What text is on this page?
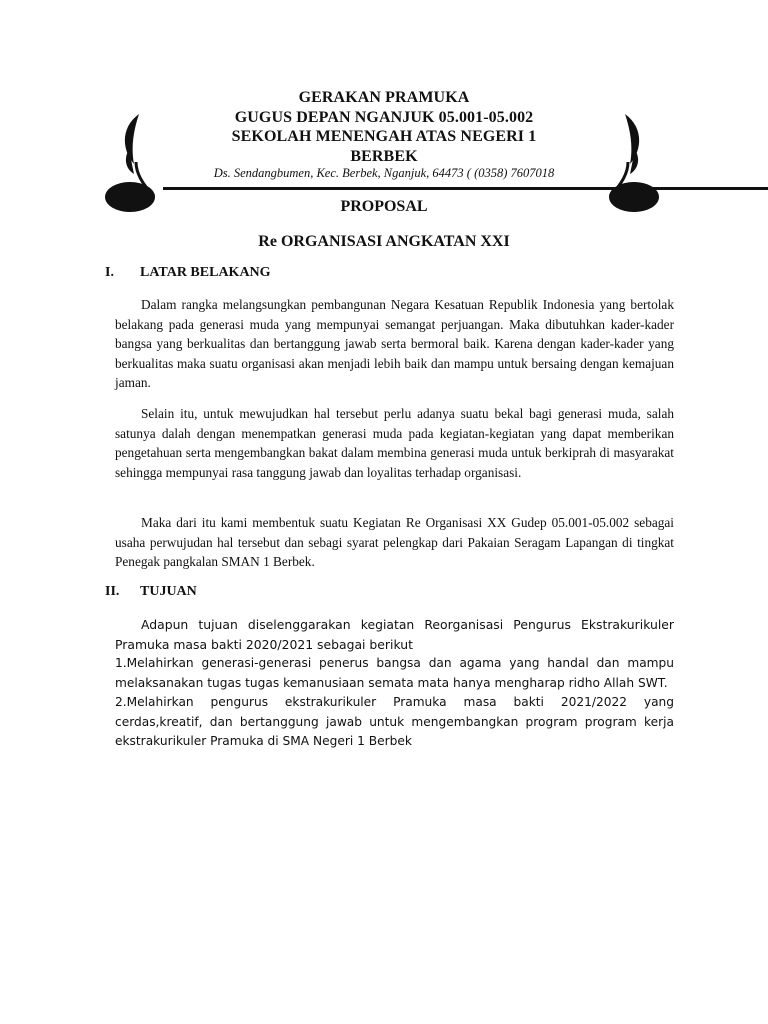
GERAKAN PRAMUKA
GUGUS DEPAN NGANJUK 05.001-05.002
SEKOLAH MENENGAH ATAS NEGERI 1
BERBEK
Ds. Sendangbumen, Kec. Berbek, Nganjuk, 64473 ( (0358) 7607018
PROPOSAL
Re ORGANISASI ANGKATAN XXI
I. LATAR BELAKANG
Dalam rangka melangsungkan pembangunan Negara Kesatuan Republik Indonesia yang bertolak belakang pada generasi muda yang mempunyai semangat perjuangan. Maka dibutuhkan kader-kader bangsa yang berkualitas dan bertanggung jawab serta bermoral baik. Karena dengan kader-kader yang berkualitas maka suatu organisasi akan menjadi lebih baik dan mampu untuk bersaing dengan kemajuan jaman.
Selain itu, untuk mewujudkan hal tersebut perlu adanya suatu bekal bagi generasi muda, salah satunya dalah dengan menempatkan generasi muda pada kegiatan-kegiatan yang dapat memberikan pengetahuan serta mengembangkan bakat dalam membina generasi muda untuk berkiprah di masyarakat sehingga mempunyai rasa tanggung jawab dan loyalitas terhadap organisasi.
Maka dari itu kami membentuk suatu Kegiatan Re Organisasi XX Gudep 05.001-05.002 sebagai usaha perwujudan hal tersebut dan sebagi syarat pelengkap dari Pakaian Seragam Lapangan di tingkat Penegak pangkalan SMAN 1 Berbek.
II. TUJUAN
Adapun tujuan diselenggarakan kegiatan Reorganisasi Pengurus Ekstrakurikuler Pramuka masa bakti 2020/2021 sebagai berikut
1.Melahirkan generasi-generasi penerus bangsa dan agama yang handal dan mampu melaksanakan tugas tugas kemanusiaan semata mata hanya mengharap ridho Allah SWT.
2.Melahirkan pengurus ekstrakurikuler Pramuka masa bakti 2021/2022 yang cerdas,kreatif, dan bertanggung jawab untuk mengembangkan program program kerja ekstrakurikuler Pramuka di SMA Negeri 1 Berbek
